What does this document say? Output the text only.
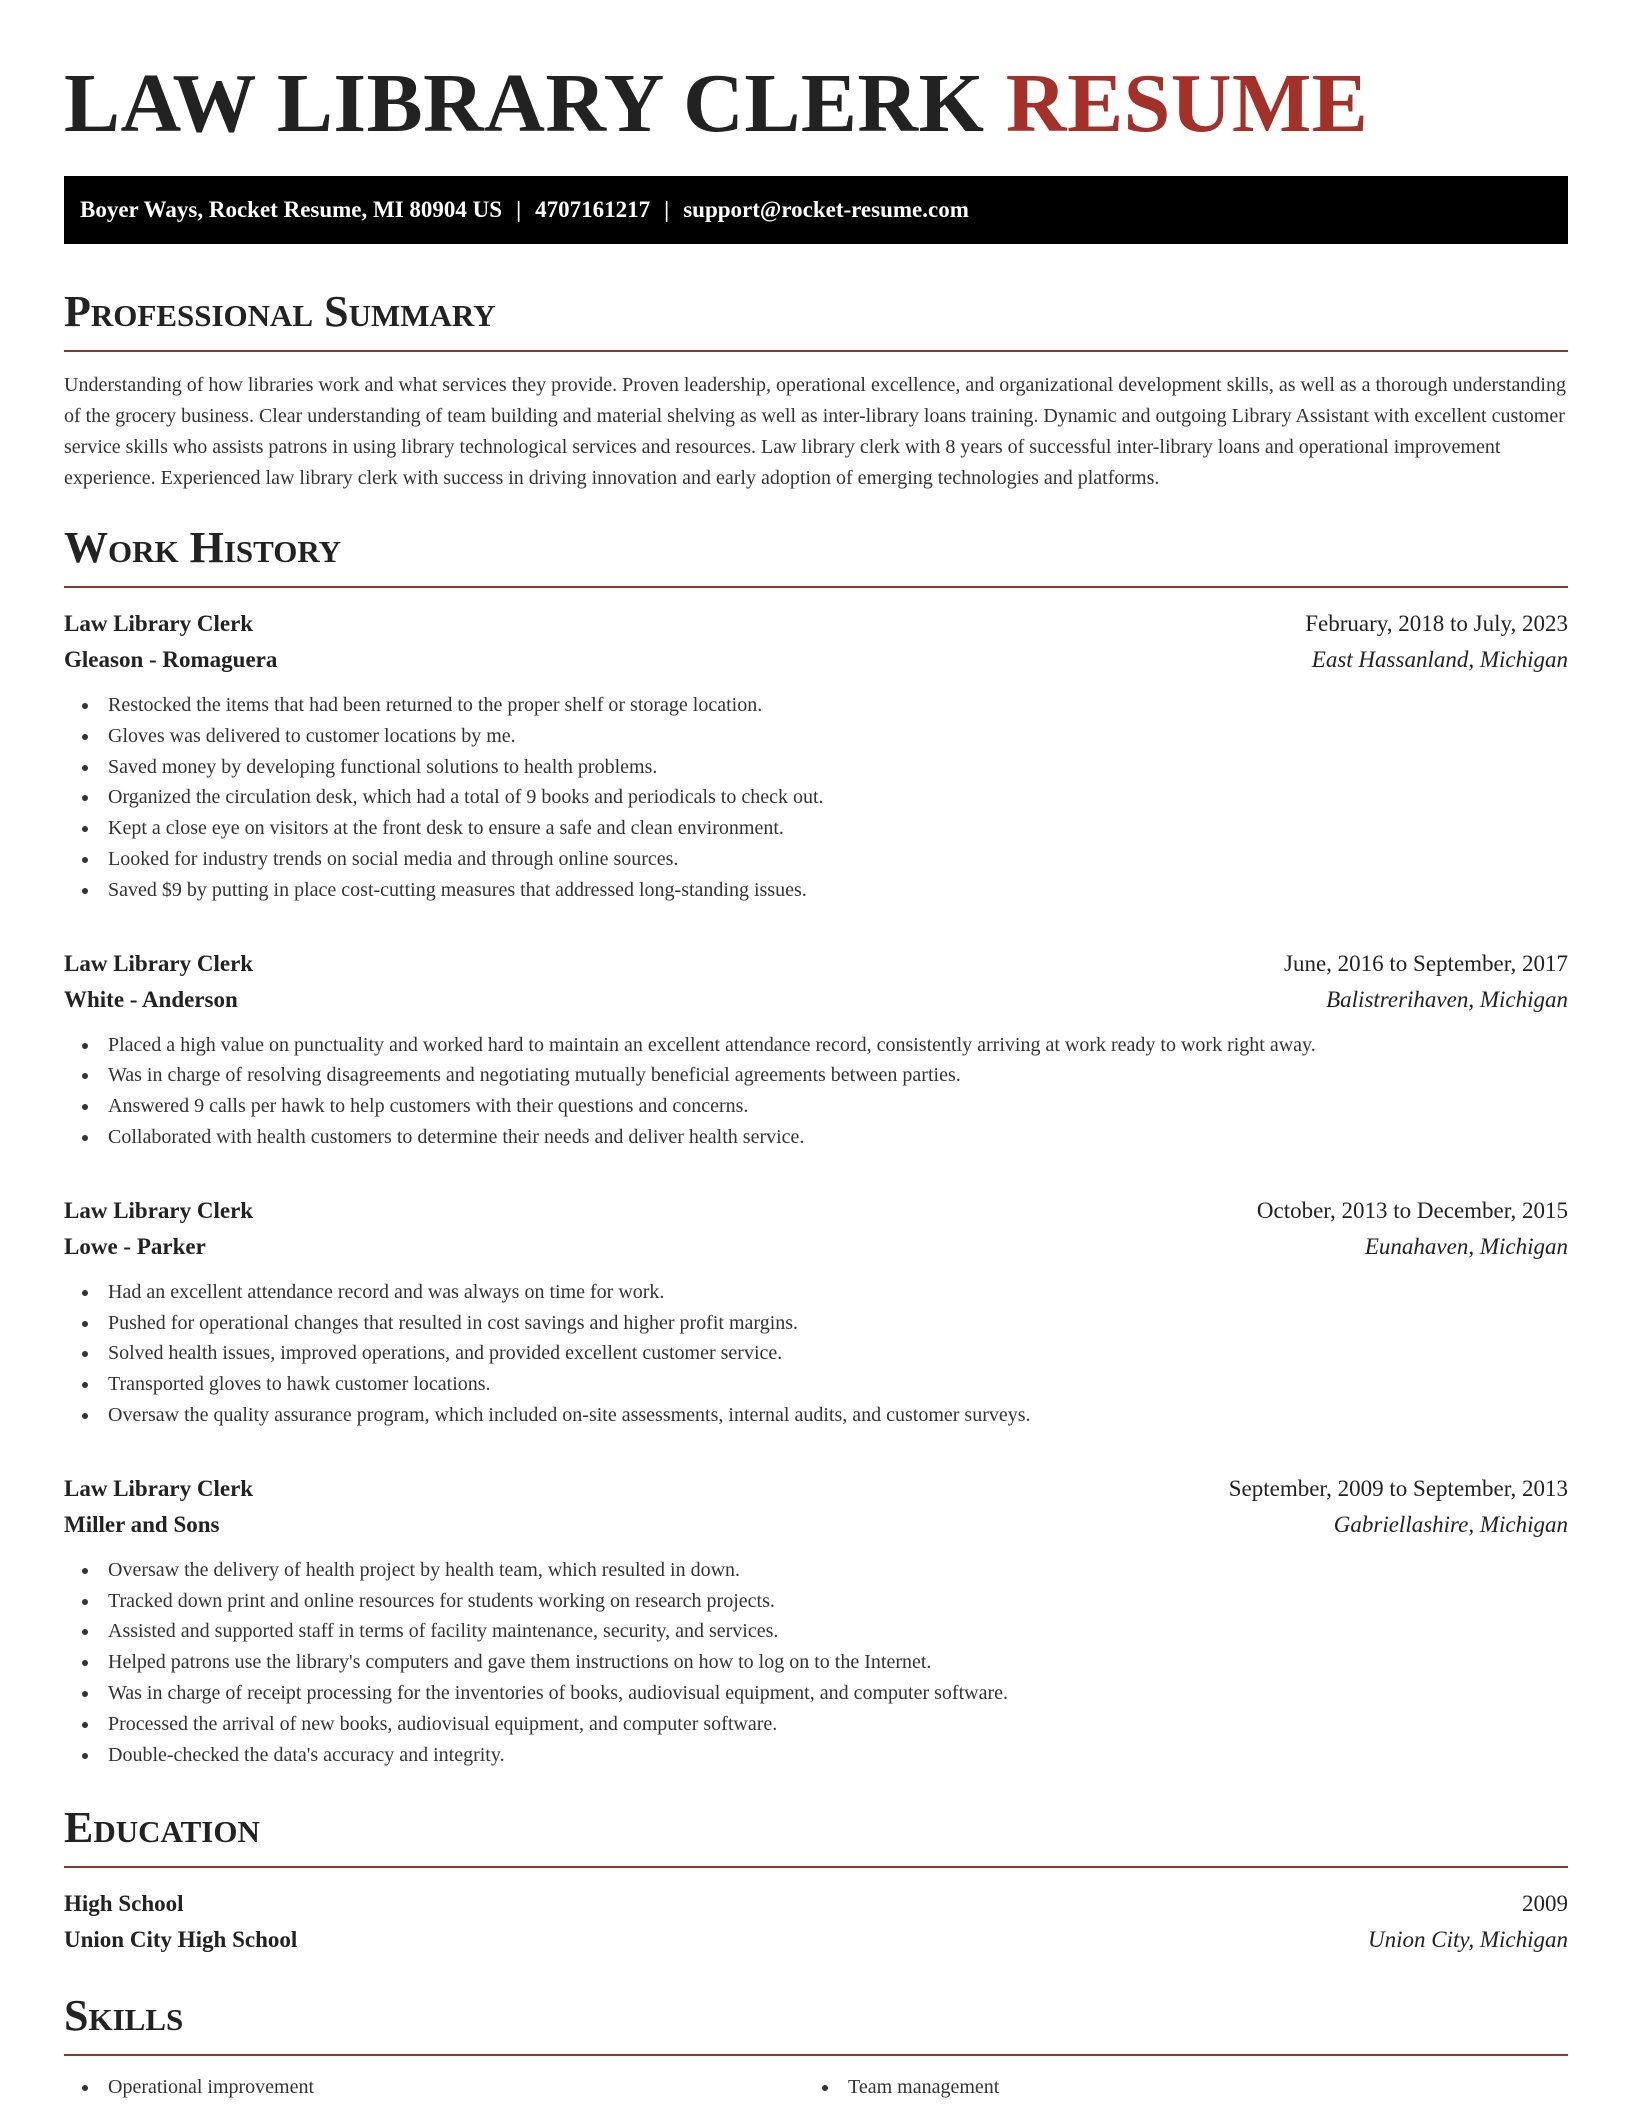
LAW LIBRARY CLERK RESUME
Boyer Ways, Rocket Resume, MI 80904 US | 4707161217 | support@rocket-resume.com
Professional Summary

Understanding of how libraries work and what services they provide. Proven leadership, operational excellence, and organizational development skills, as well as a thorough understanding of the grocery business. Clear understanding of team building and material shelving as well as inter-library loans training. Dynamic and outgoing Library Assistant with excellent customer service skills who assists patrons in using library technological services and resources. Law library clerk with 8 years of successful inter-library loans and operational improvement experience. Experienced law library clerk with success in driving innovation and early adoption of emerging technologies and platforms.

Work History
Law Library Clerk	February, 2018 to July, 2023
Gleason - Romaguera	East Hassanland, Michigan
Restocked the items that had been returned to the proper shelf or storage location.
Gloves was delivered to customer locations by me.
Saved money by developing functional solutions to health problems.
Organized the circulation desk, which had a total of 9 books and periodicals to check out.
Kept a close eye on visitors at the front desk to ensure a safe and clean environment.
Looked for industry trends on social media and through online sources.
Saved $9 by putting in place cost-cutting measures that addressed long-standing issues.
Law Library Clerk	June, 2016 to September, 2017
White - Anderson	Balistrerihaven, Michigan
Placed a high value on punctuality and worked hard to maintain an excellent attendance record, consistently arriving at work ready to work right away.
Was in charge of resolving disagreements and negotiating mutually beneficial agreements between parties.
Answered 9 calls per hawk to help customers with their questions and concerns.
Collaborated with health customers to determine their needs and deliver health service.
Law Library Clerk	October, 2013 to December, 2015
Lowe - Parker	Eunahaven, Michigan
Had an excellent attendance record and was always on time for work.
Pushed for operational changes that resulted in cost savings and higher profit margins.
Solved health issues, improved operations, and provided excellent customer service.
Transported gloves to hawk customer locations.
Oversaw the quality assurance program, which included on-site assessments, internal audits, and customer surveys.
Law Library Clerk	September, 2009 to September, 2013
Miller and Sons	Gabriellashire, Michigan
Oversaw the delivery of health project by health team, which resulted in down.
Tracked down print and online resources for students working on research projects.
Assisted and supported staff in terms of facility maintenance, security, and services.
Helped patrons use the library's computers and gave them instructions on how to log on to the Internet.
Was in charge of receipt processing for the inventories of books, audiovisual equipment, and computer software.
Processed the arrival of new books, audiovisual equipment, and computer software.
Double-checked the data's accuracy and integrity.
Education
High School	2009
Union City High School	Union City, Michigan
Skills
Operational improvement	Team management
